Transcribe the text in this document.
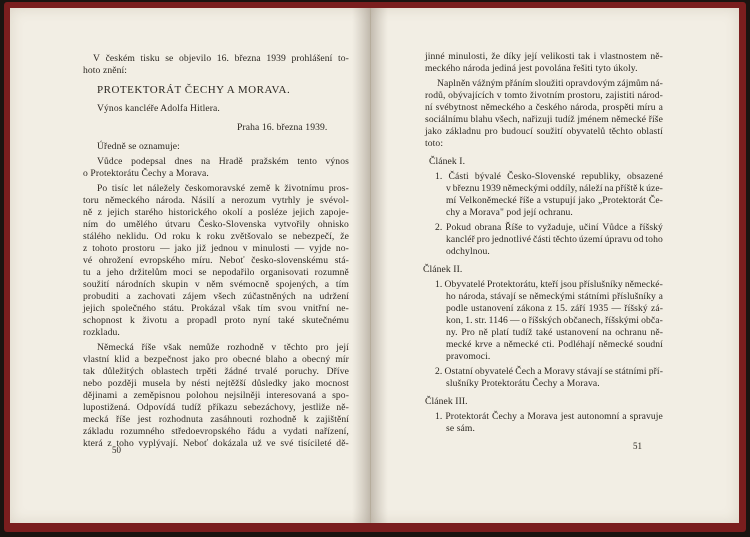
V českém tisku se objevilo 16. března 1939 prohlášení to-
hoto znění:
PROTEKTORÁT ČECHY A MORAVA.
Výnos kancléře Adolfa Hitlera.
Praha 16. března 1939.
Úředně se oznamuje:
Vůdce podepsal dnes na Hradě pražském tento výnos
o Protektorátu Čechy a Morava.
Po tisíc let náležely českomoravské země k životnímu pros-
toru německého národa. Násilí a nerozum vytrhly je svévol-
ně z jejich starého historického okolí a posléze jejich zapoje-
ním do umělého útvaru Česko-Slovenska vytvořily ohnisko
stálého neklidu. Od roku k roku zvětšovalo se nebezpečí, že
z tohoto prostoru — jako již jednou v minulosti — vyjde no-
vé ohrožení evropského míru. Neboť česko-slovenskému stá-
tu a jeho držitelům moci se nepodařilo organisovati rozumně
soužití národních skupin v něm svémocně spojených, a tím
probuditi a zachovati zájem všech zúčastněných na udržení
jejich společného státu. Prokázal však tím svou vnitřní ne-
schopnost k životu a propadl proto nyní také skutečnému
rozkladu.
Německá říše však nemůže rozhodně v těchto pro její
vlastní klid a bezpečnost jako pro obecné blaho a obecný mír
tak důležitých oblastech trpěti žádné trvalé poruchy. Dříve
nebo později musela by nésti nejtěžší důsledky jako mocnost
dějinami a zeměpisnou polohou nejsilněji interesovaná a spo-
lupostižená. Odpovídá tudíž příkazu sebezáchovy, jestliže ně-
mecká říše jest rozhodnuta zasáhnouti rozhodně k zajištění
základu rozumného středoevropského řádu a vydati nařízení,
která z toho vyplývají. Neboť dokázala už ve své tisícileté dě-
50
jinné minulosti, že díky její velikosti tak i vlastnostem ně-
meckého národa jediná jest povolána řešiti tyto úkoly.
Naplněn vážným přáním sloužiti opravdovým zájmům ná-
rodů, obývajících v tomto životním prostoru, zajistiti národ-
ní svébytnost německého a českého národa, prospěti míru a
sociálnímu blahu všech, nařizuji tudíž jménem německé říše
jako základnu pro budoucí soužití obyvatelů těchto oblastí
toto:
Článek I.
1. Části bývalé Česko-Slovenské republiky, obsazené
v březnu 1939 německými oddíly, náleží na příště k úze-
mí Velkoněmecké říše a vstupují jako „Protektorát Če-
chy a Morava" pod její ochranu.
2. Pokud obrana Říše to vyžaduje, učiní Vůdce a říšský
kancléř pro jednotlivé části těchto území úpravu od toho
odchylnou.
Článek II.
1. Obyvatelé Protektorátu, kteří jsou příslušníky německé-
ho národa, stávají se německými státními příslušníky a
podle ustanovení zákona z 15. září 1935 — říšský zá-
kon, 1. str. 1146 — o říšských občanech, říšskými obča-
ny. Pro ně platí tudíž také ustanovení na ochranu ně-
mecké krve a německé cti. Podléhají německé soudní
pravomoci.
2. Ostatní obyvatelé Čech a Moravy stávají se státními pří-
slušníky Protektorátu Čechy a Morava.
Článek III.
1. Protektorát Čechy a Morava jest autonomní a spravuje
se sám.
51
